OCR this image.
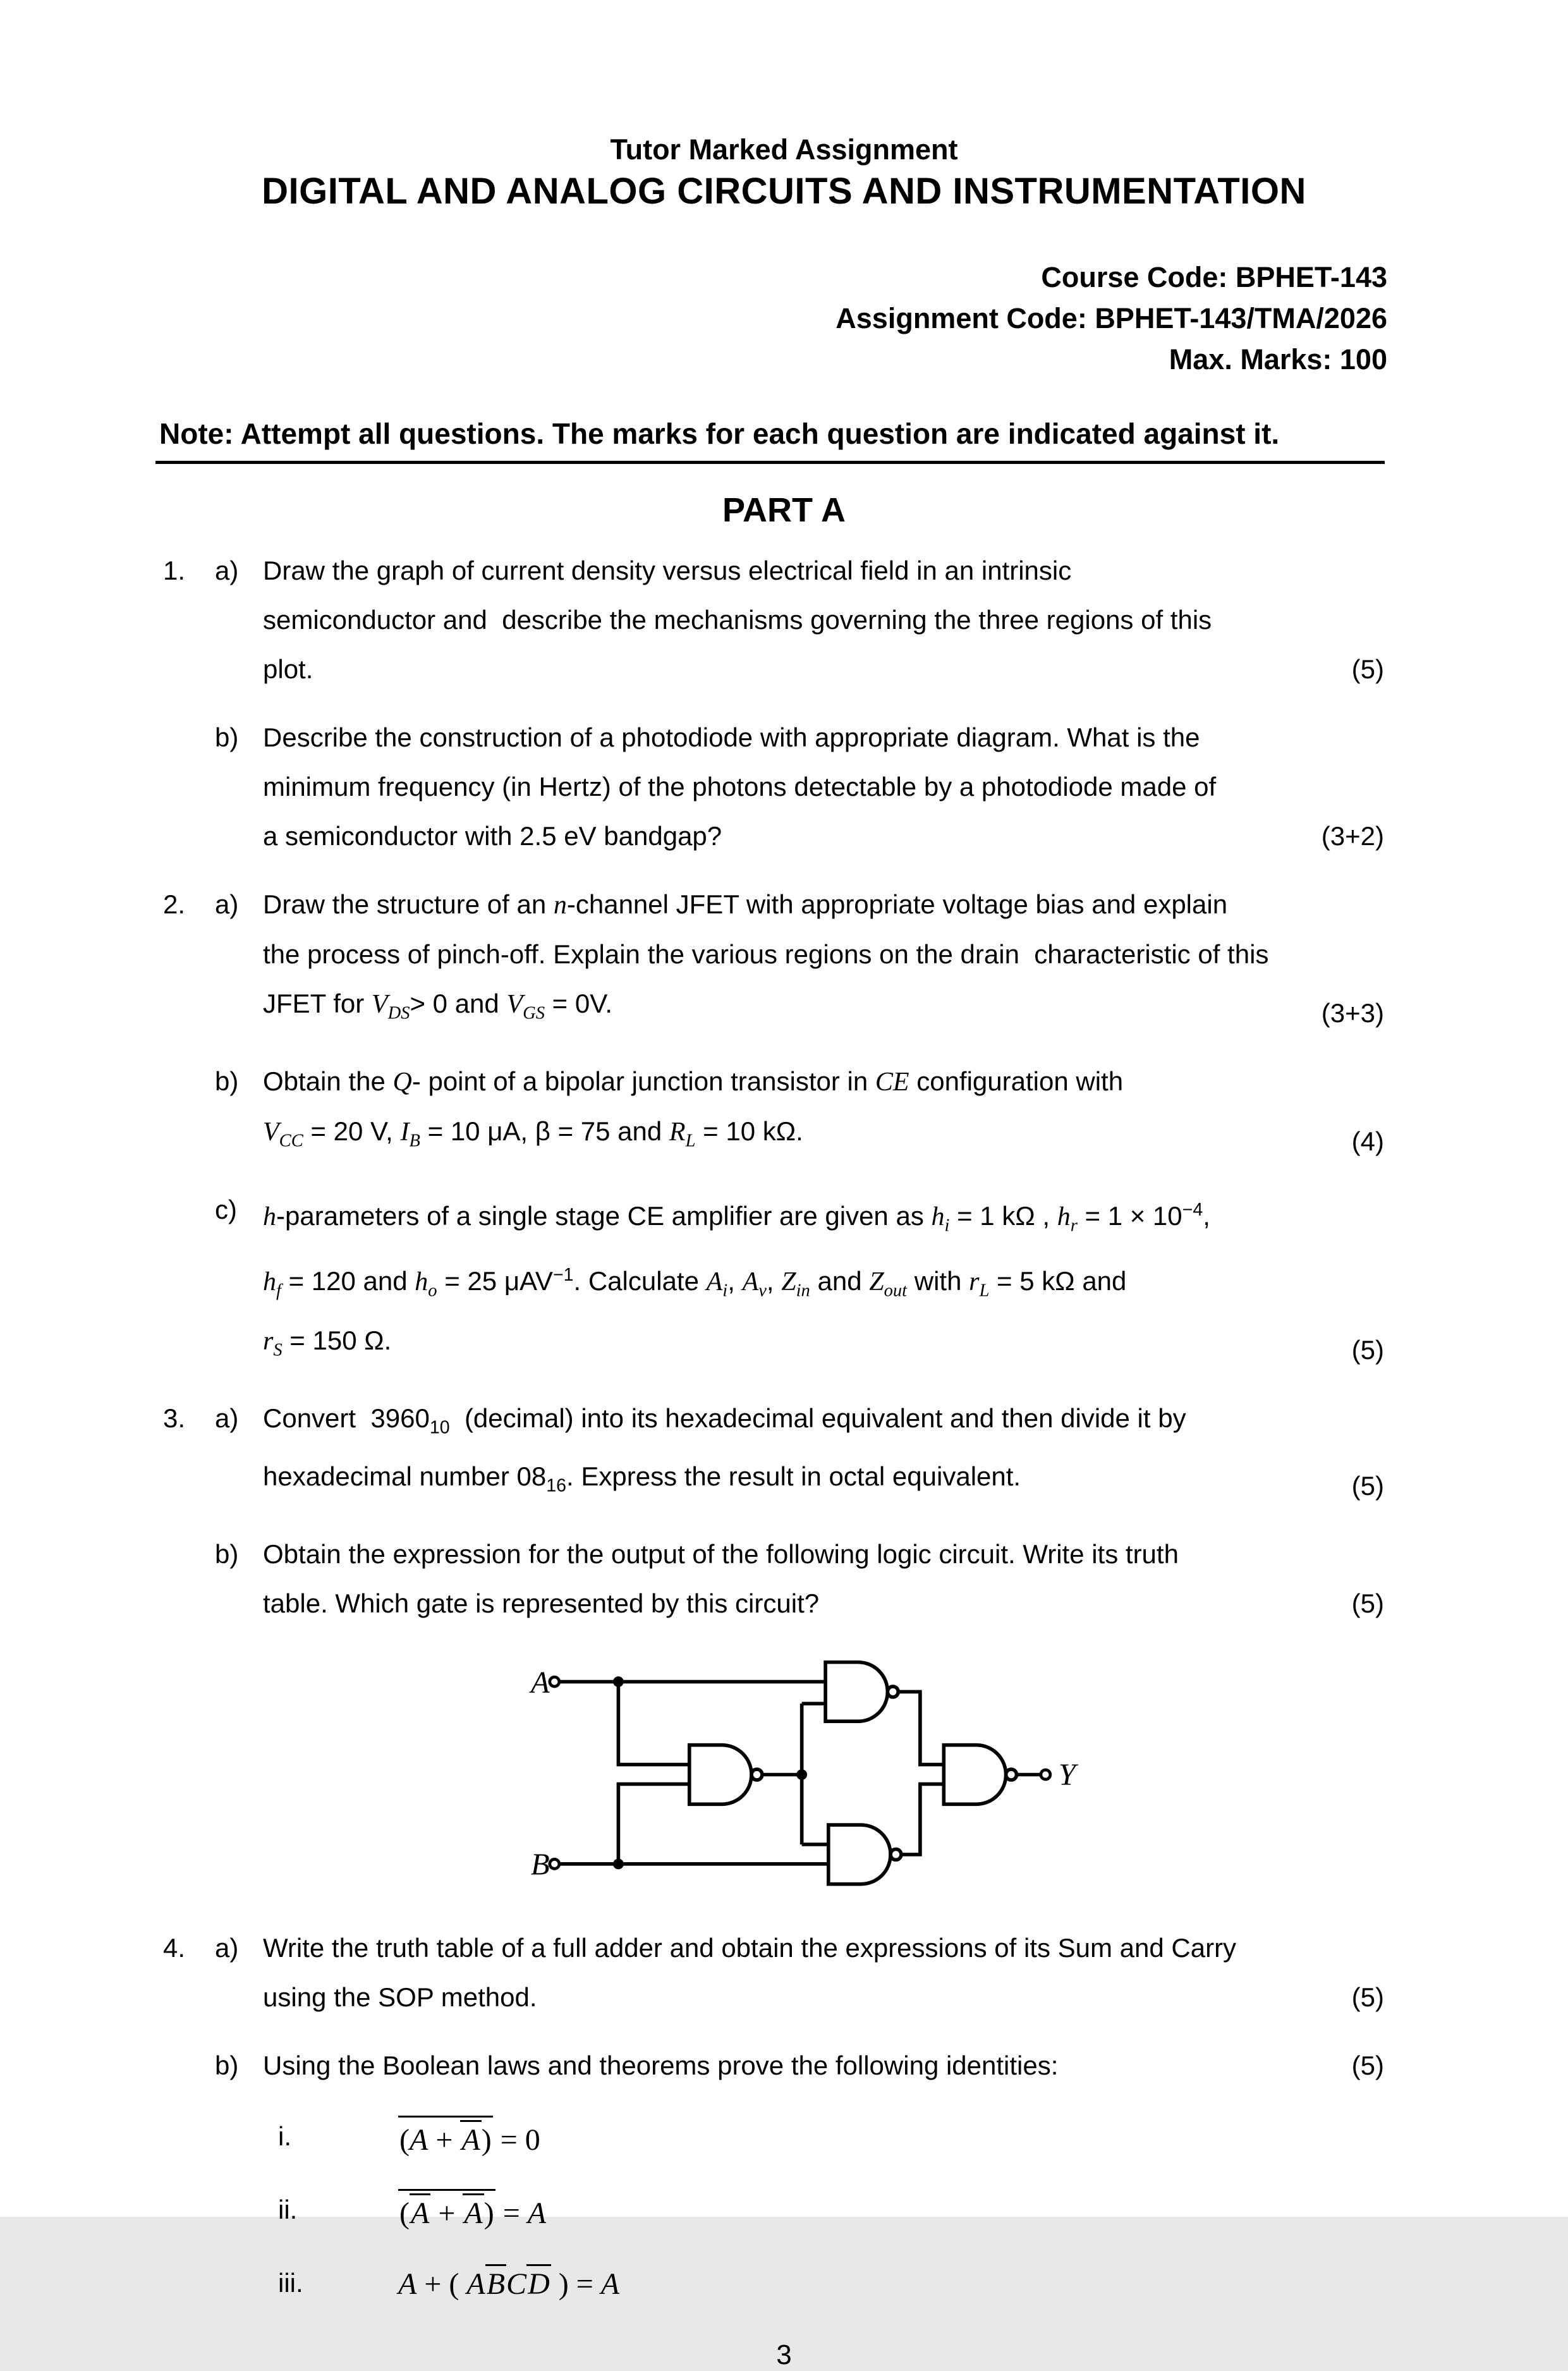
Tutor Marked Assignment
DIGITAL AND ANALOG CIRCUITS AND INSTRUMENTATION
Course Code: BPHET-143
Assignment Code: BPHET-143/TMA/2026
Max. Marks: 100
Note: Attempt all questions. The marks for each question are indicated against it.
PART A
1.	a) Draw the graph of current density versus electrical field in an intrinsic
semiconductor and  describe the mechanisms governing the three regions of this
plot.	(5)
b) Describe the construction of a photodiode with appropriate diagram. What is the
minimum frequency (in Hertz) of the photons detectable by a photodiode made of
a semiconductor with 2.5 eV bandgap?	(3+2)
2.	a) Draw the structure of an n-channel JFET with appropriate voltage bias and explain
the process of pinch-off. Explain the various regions on the drain  characteristic of this
JFET for $V_{DS}> 0$ and $V_{GS} = 0V$.	(3+3)
b) Obtain the Q- point of a bipolar junction transistor in CE configuration with
$V_{CC} = 20$ V, $I_B = 10$ μA, β = 75 and $R_L = 10$ kΩ.	(4)
c) h-parameters of a single stage CE amplifier are given as $h_i = 1$ kΩ , $h_r = 1 \times 10^{-4}$,
$h_f = 120$ and $h_o = 25$ μAV$^{-1}$. Calculate $A_i$, $A_v$, $Z_{in}$ and $Z_{out}$ with $r_L = 5$ kΩ and
$r_S = 150$ Ω.	(5)
3.	a) Convert  $3960_{10}$  (decimal) into its hexadecimal equivalent and then divide it by
hexadecimal number $08_{16}$. Express the result in octal equivalent.	(5)
b) Obtain the expression for the output of the following logic circuit. Write its truth
table. Which gate is represented by this circuit?	(5)
A
B
Y
4.	a) Write the truth table of a full adder and obtain the expressions of its Sum and Carry
using the SOP method.	(5)
b) Using the Boolean laws and theorems prove the following identities:	(5)
i.	(A + A) = 0
ii.	(A + A) = A
iii.	A + ( ABCD ) = A
3
